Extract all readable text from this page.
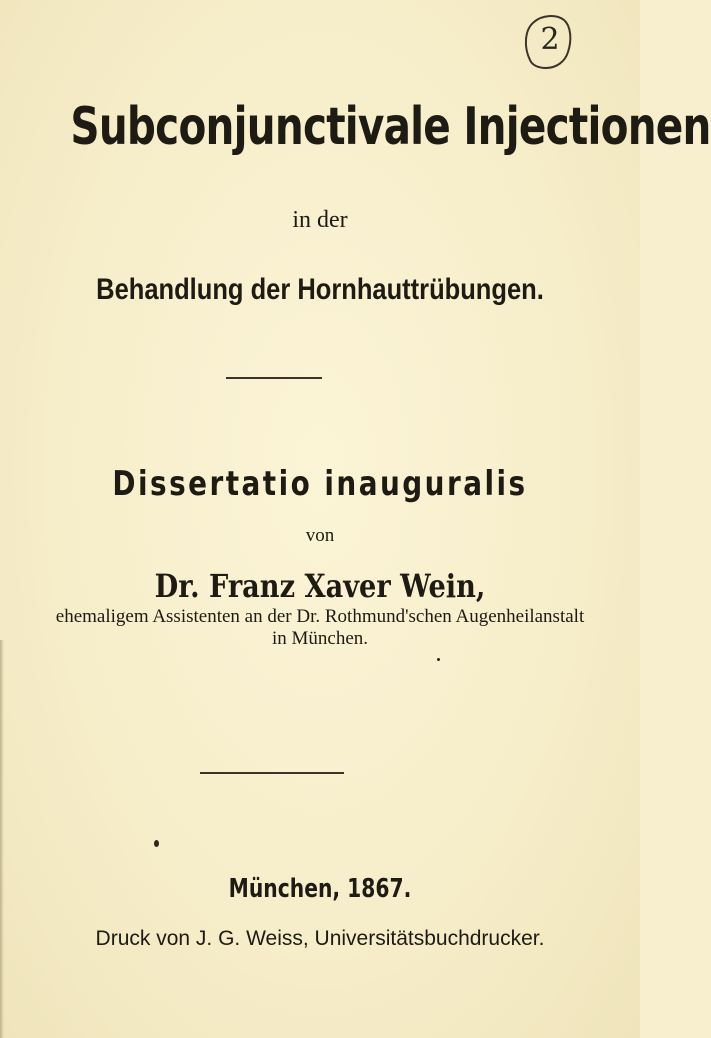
2
Subconjunctivale Injectionen
in der
Behandlung der Hornhauttrübungen.
Dissertatio inauguralis
von
Dr. Franz Xaver Wein,
ehemaligem Assistenten an der Dr. Rothmund'schen Augenheilanstalt
in München.
München, 1867.
Druck von J. G. Weiss, Universitätsbuchdrucker.
